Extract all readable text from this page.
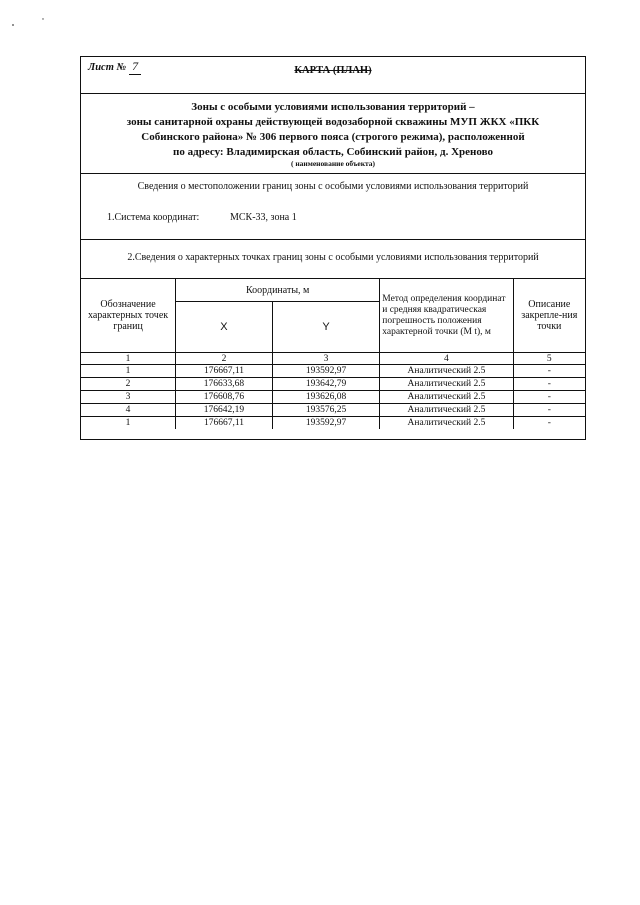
Лист № 7	КАРТА (ПЛАН)
Зоны с особыми условиями использования территорий –
зоны санитарной охраны действующей водозаборной скважины МУП ЖКХ «ПКК
Собинского района» № 306 первого пояса (строгого режима), расположенной
по адресу: Владимирская область, Собинский район, д. Хреново
( наименование объекта)
Сведения о местоположении границ зоны с особыми условиями использования территорий
1.Система координат:	МСК-33, зона 1
2.Сведения о характерных точках границ зоны с особыми условиями использования территорий
Обозначение характерных точек границ	Координаты, м		Метод определения координат и средняя квадратическая погрешность положения характерной точки (М t), м	Описание закрепле-ния точки
	X	Y		
1	2	3	4	5
1	176667,11	193592,97	Аналитический 2.5	-
2	176633,68	193642,79	Аналитический 2.5	-
3	176608,76	193626,08	Аналитический 2.5	-
4	176642,19	193576,25	Аналитический 2.5	-
1	176667,11	193592,97	Аналитический 2.5	-
